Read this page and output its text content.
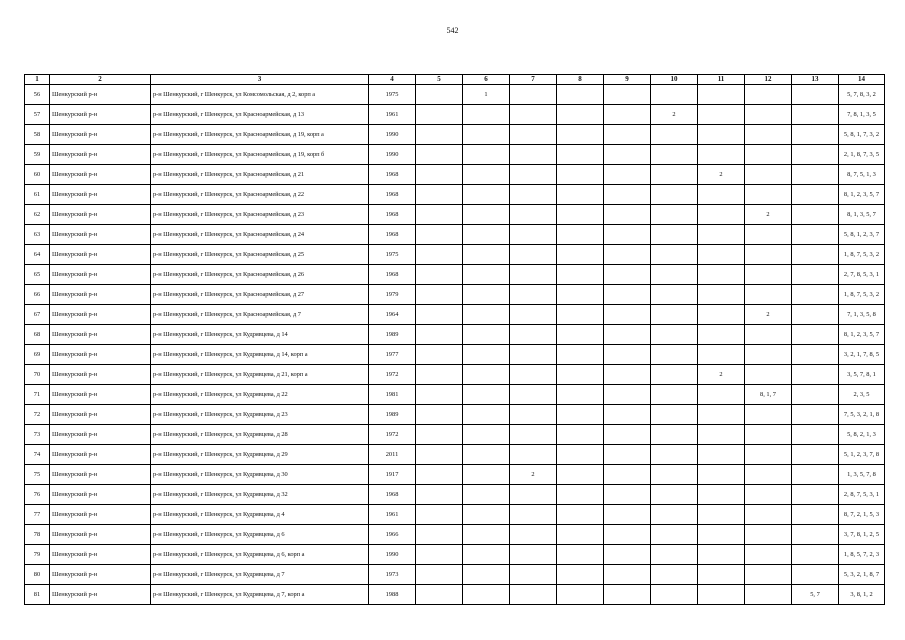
542
1	2	3	4	5	6	7	8	9	10	11	12	13	14
56	Шенкурский р-н	р-н Шенкурский, г Шенкурск, ул Комсомольская, д 2, корп а	1975		1								5, 7, 8, 3, 2
57	Шенкурский р-н	р-н Шенкурский, г Шенкурск, ул Красноармейская, д 13	1961						2				7, 8, 1, 3, 5
58	Шенкурский р-н	р-н Шенкурский, г Шенкурск, ул Красноармейская, д 19, корп а	1990										5, 8, 1, 7, 3, 2
59	Шенкурский р-н	р-н Шенкурский, г Шенкурск, ул Красноармейская, д 19, корп б	1990										2, 1, 8, 7, 3, 5
60	Шенкурский р-н	р-н Шенкурский, г Шенкурск, ул Красноармейская, д 21	1968							2			8, 7, 5, 1, 3
61	Шенкурский р-н	р-н Шенкурский, г Шенкурск, ул Красноармейская, д 22	1968										8, 1, 2, 3, 5, 7
62	Шенкурский р-н	р-н Шенкурский, г Шенкурск, ул Красноармейская, д 23	1968								2		8, 1, 3, 5, 7
63	Шенкурский р-н	р-н Шенкурский, г Шенкурск, ул Красноармейская, д 24	1968										5, 8, 1, 2, 3, 7
64	Шенкурский р-н	р-н Шенкурский, г Шенкурск, ул Красноармейская, д 25	1975										1, 8, 7, 5, 3, 2
65	Шенкурский р-н	р-н Шенкурский, г Шенкурск, ул Красноармейская, д 26	1968										2, 7, 8, 5, 3, 1
66	Шенкурский р-н	р-н Шенкурский, г Шенкурск, ул Красноармейская, д 27	1979										1, 8, 7, 5, 3, 2
67	Шенкурский р-н	р-н Шенкурский, г Шенкурск, ул Красноармейская, д 7	1964								2		7, 1, 3, 5, 8
68	Шенкурский р-н	р-н Шенкурский, г Шенкурск, ул Кудрявцева, д 14	1989										8, 1, 2, 3, 5, 7
69	Шенкурский р-н	р-н Шенкурский, г Шенкурск, ул Кудрявцева, д 14, корп а	1977										3, 2, 1, 7, 8, 5
70	Шенкурский р-н	р-н Шенкурский, г Шенкурск, ул Кудрявцева, д 21, корп а	1972							2			3, 5, 7, 8, 1
71	Шенкурский р-н	р-н Шенкурский, г Шенкурск, ул Кудрявцева, д 22	1981								8, 1, 7		2, 3, 5
72	Шенкурский р-н	р-н Шенкурский, г Шенкурск, ул Кудрявцева, д 23	1989										7, 5, 3, 2, 1, 8
73	Шенкурский р-н	р-н Шенкурский, г Шенкурск, ул Кудрявцева, д 28	1972										5, 8, 2, 1, 3
74	Шенкурский р-н	р-н Шенкурский, г Шенкурск, ул Кудрявцева, д 29	2011										5, 1, 2, 3, 7, 8
75	Шенкурский р-н	р-н Шенкурский, г Шенкурск, ул Кудрявцева, д 30	1917			2							1, 3, 5, 7, 8
76	Шенкурский р-н	р-н Шенкурский, г Шенкурск, ул Кудрявцева, д 32	1968										2, 8, 7, 5, 3, 1
77	Шенкурский р-н	р-н Шенкурский, г Шенкурск, ул Кудрявцева, д 4	1961										8, 7, 2, 1, 5, 3
78	Шенкурский р-н	р-н Шенкурский, г Шенкурск, ул Кудрявцева, д 6	1966										3, 7, 8, 1, 2, 5
79	Шенкурский р-н	р-н Шенкурский, г Шенкурск, ул Кудрявцева, д 6, корп а	1990										1, 8, 5, 7, 2, 3
80	Шенкурский р-н	р-н Шенкурский, г Шенкурск, ул Кудрявцева, д 7	1973										5, 3, 2, 1, 8, 7
81	Шенкурский р-н	р-н Шенкурский, г Шенкурск, ул Кудрявцева, д 7, корп а	1988									5, 7	3, 8, 1, 2
